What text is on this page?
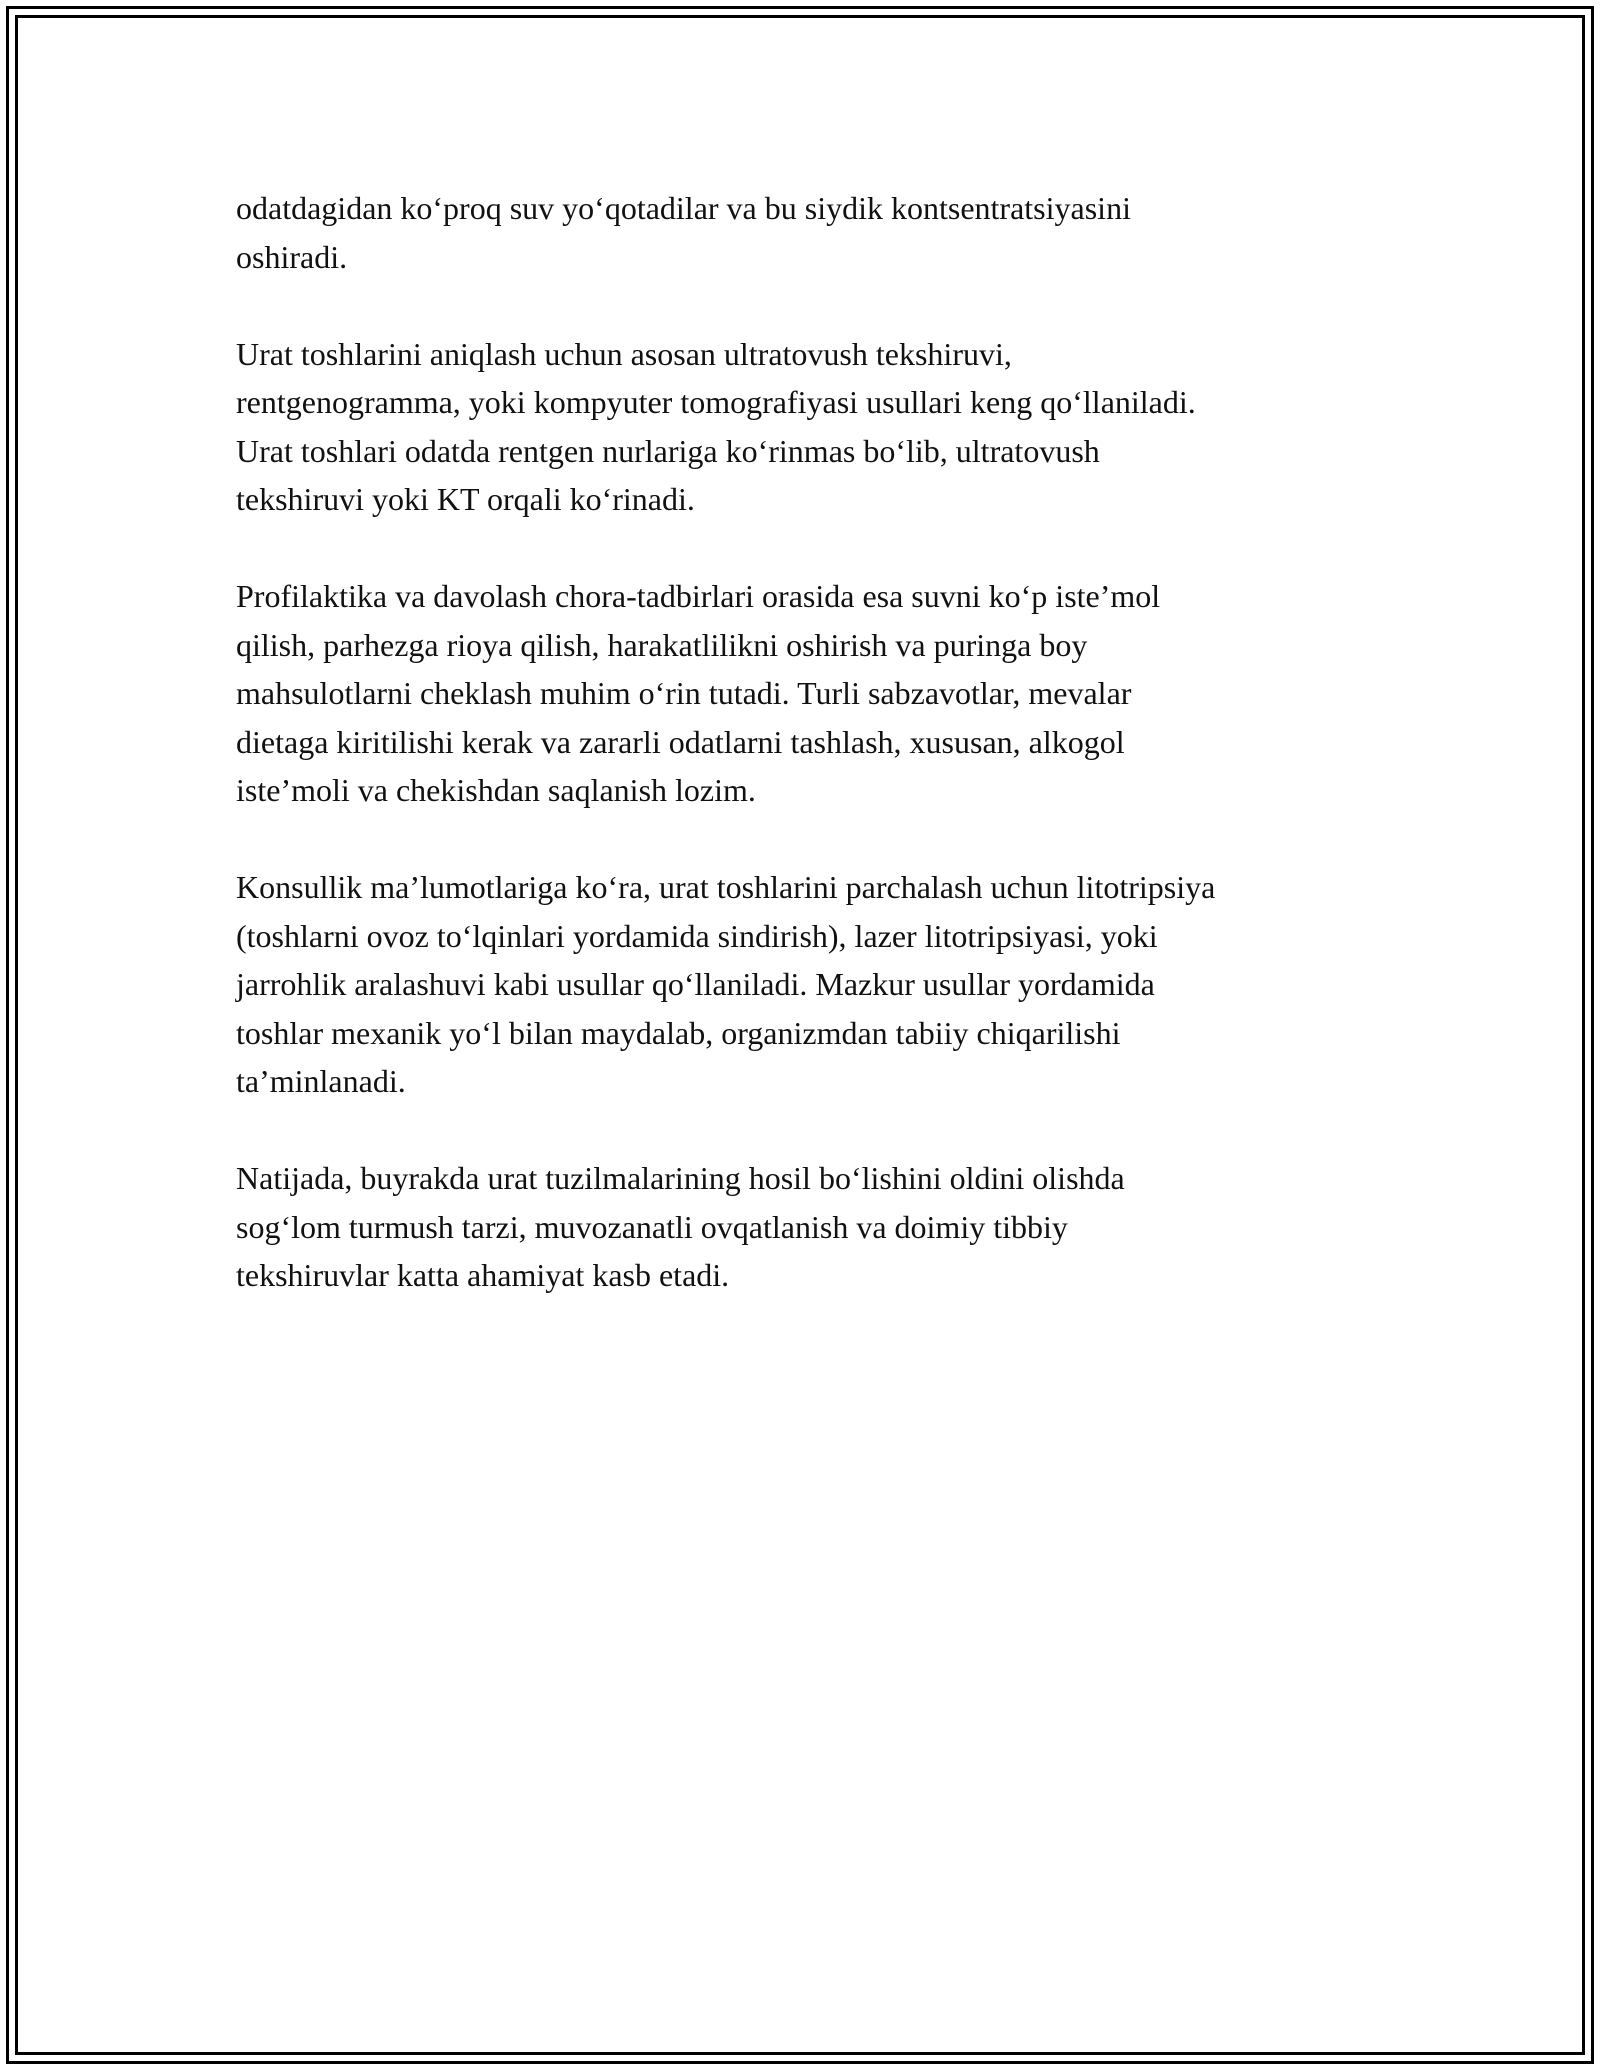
odatdagidan ko‘proq suv yo‘qotadilar va bu siydik kontsentratsiyasini
oshiradi.

Urat toshlarini aniqlash uchun asosan ultratovush tekshiruvi,
rentgenogramma, yoki kompyuter tomografiyasi usullari keng qo‘llaniladi.
Urat toshlari odatda rentgen nurlariga ko‘rinmas bo‘lib, ultratovush
tekshiruvi yoki KT orqali ko‘rinadi.

Profilaktika va davolash chora-tadbirlari orasida esa suvni ko‘p iste’mol
qilish, parhezga rioya qilish, harakatlilikni oshirish va puringa boy
mahsulotlarni cheklash muhim o‘rin tutadi. Turli sabzavotlar, mevalar
dietaga kiritilishi kerak va zararli odatlarni tashlash, xususan, alkogol
iste’moli va chekishdan saqlanish lozim.

Konsullik ma’lumotlariga ko‘ra, urat toshlarini parchalash uchun litotripsiya
(toshlarni ovoz to‘lqinlari yordamida sindirish), lazer litotripsiyasi, yoki
jarrohlik aralashuvi kabi usullar qo‘llaniladi. Mazkur usullar yordamida
toshlar mexanik yo‘l bilan maydalab, organizmdan tabiiy chiqarilishi
ta’minlanadi.

Natijada, buyrakda urat tuzilmalarining hosil bo‘lishini oldini olishda
sog‘lom turmush tarzi, muvozanatli ovqatlanish va doimiy tibbiy
tekshiruvlar katta ahamiyat kasb etadi.
